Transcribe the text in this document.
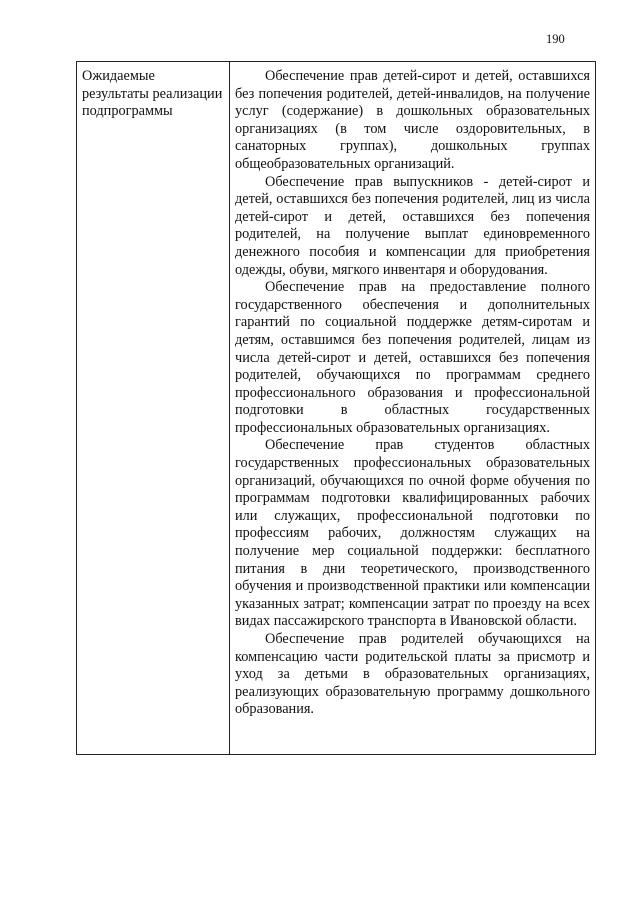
190
Ожидаемые результаты реализации подпрограммы	

Обеспечение прав детей-сирот и детей, оставшихся без попечения родителей, детей-инвалидов, на получение услуг (содержание) в дошкольных образовательных организациях (в том числе оздоровительных, в санаторных группах), дошкольных группах общеобразовательных организаций.

Обеспечение прав выпускников - детей-сирот и детей, оставшихся без попечения родителей, лиц из числа детей-сирот и детей, оставшихся без попечения родителей, на получение выплат единовременного денежного пособия и компенсации для приобретения одежды, обуви, мягкого инвентаря и оборудования.

Обеспечение прав на предоставление полного государственного обеспечения и дополнительных гарантий по социальной поддержке детям-сиротам и детям, оставшимся без попечения родителей, лицам из числа детей-сирот и детей, оставшихся без попечения родителей, обучающихся по программам среднего профессионального образования и профессиональной подготовки в областных государственных профессиональных образовательных организациях.

Обеспечение прав студентов областных государственных профессиональных образовательных организаций, обучающихся по очной форме обучения по программам подготовки квалифицированных рабочих или служащих, профессиональной подготовки по профессиям рабочих, должностям служащих на получение мер социальной поддержки: бесплатного питания в дни теоретического, производственного обучения и производственной практики или компенсации указанных затрат; компенсации затрат по проезду на всех видах пассажирского транспорта в Ивановской области.

Обеспечение прав родителей обучающихся на компенсацию части родительской платы за присмотр и уход за детьми в образовательных организациях, реализующих образовательную программу дошкольного образования.
